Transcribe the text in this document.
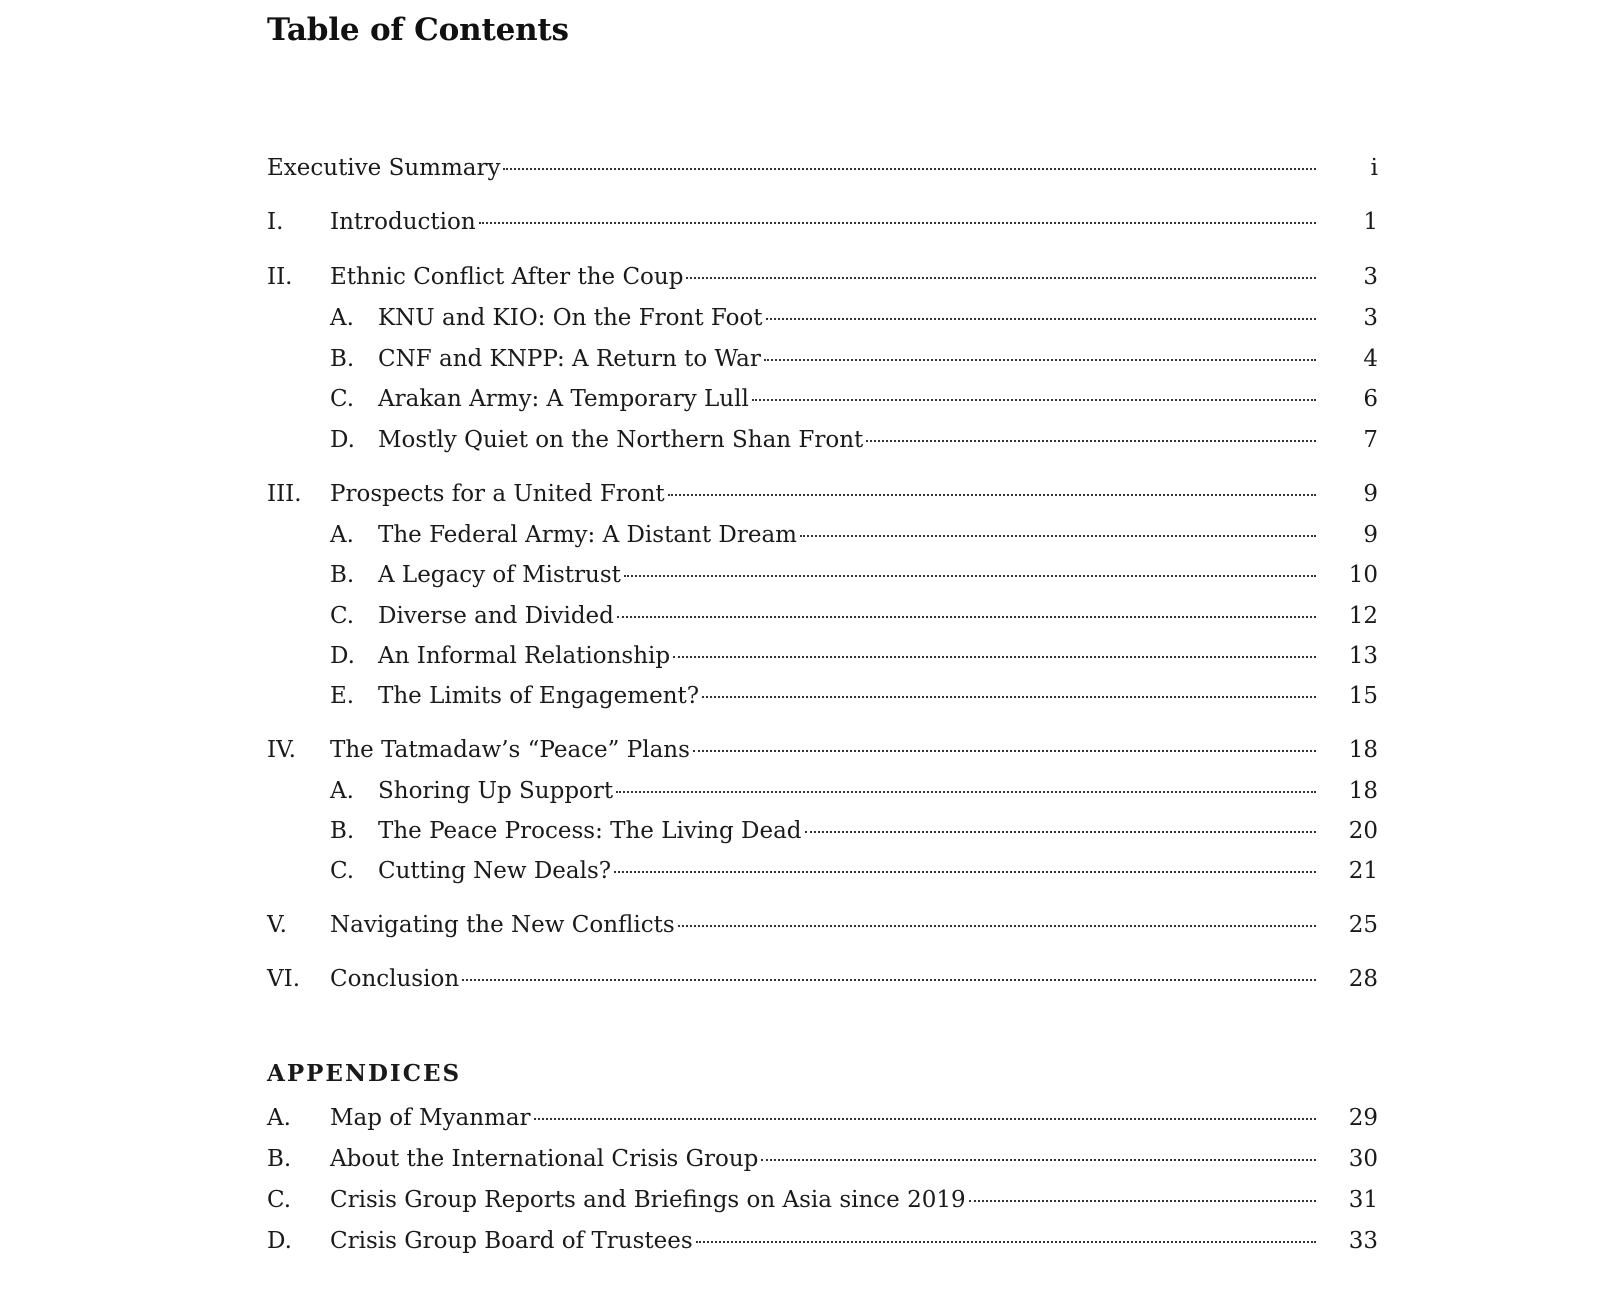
Table of Contents
Executive Summary	i
I.	Introduction	1
II.	Ethnic Conflict After the Coup	3
A.	KNU and KIO: On the Front Foot	3
B.	CNF and KNPP: A Return to War	4
C.	Arakan Army: A Temporary Lull	6
D.	Mostly Quiet on the Northern Shan Front	7
III.	Prospects for a United Front	9
A.	The Federal Army: A Distant Dream	9
B.	A Legacy of Mistrust	10
C.	Diverse and Divided	12
D.	An Informal Relationship	13
E.	The Limits of Engagement?	15
IV.	The Tatmadaw’s “Peace” Plans	18
A.	Shoring Up Support	18
B.	The Peace Process: The Living Dead	20
C.	Cutting New Deals?	21
V.	Navigating the New Conflicts	25
VI.	Conclusion	28
APPENDICES
A.	Map of Myanmar	29
B.	About the International Crisis Group	30
C.	Crisis Group Reports and Briefings on Asia since 2019	31
D.	Crisis Group Board of Trustees	33
